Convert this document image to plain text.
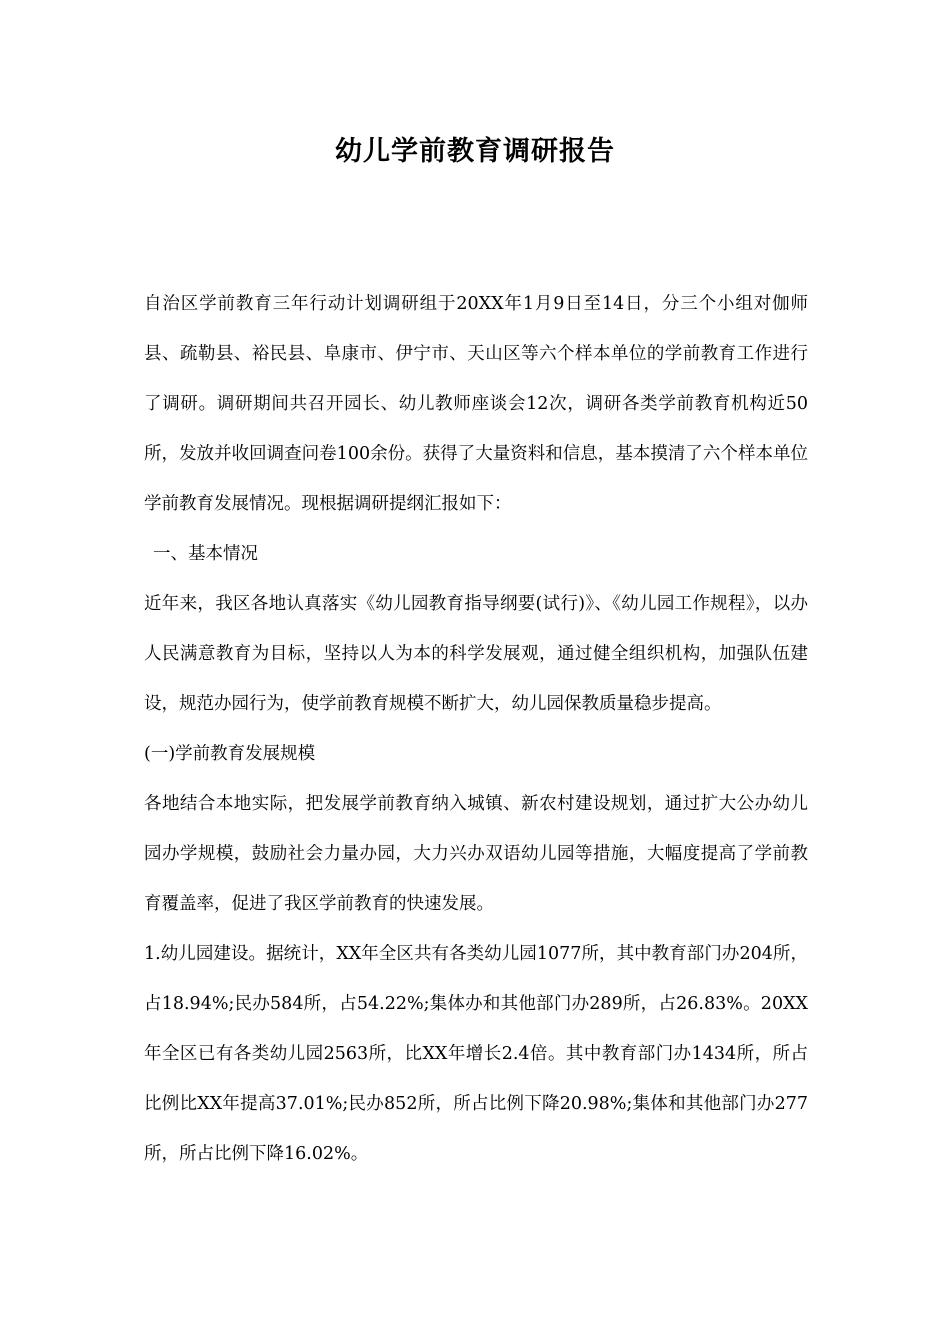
幼儿学前教育调研报告

自治区学前教育三年行动计划调研组于20XX年1月9日至14日，分三个小组对伽师县、疏勒县、裕民县、阜康市、伊宁市、天山区等六个样本单位的学前教育工作进行了调研。调研期间共召开园长、幼儿教师座谈会12次，调研各类学前教育机构近50所，发放并收回调查问卷100余份。获得了大量资料和信息，基本摸清了六个样本单位学前教育发展情况。现根据调研提纲汇报如下：

一、基本情况

近年来，我区各地认真落实《幼儿园教育指导纲要(试行)》、《幼儿园工作规程》，以办人民满意教育为目标，坚持以人为本的科学发展观，通过健全组织机构，加强队伍建设，规范办园行为，使学前教育规模不断扩大，幼儿园保教质量稳步提高。

(一)学前教育发展规模

各地结合本地实际，把发展学前教育纳入城镇、新农村建设规划，通过扩大公办幼儿园办学规模，鼓励社会力量办园，大力兴办双语幼儿园等措施，大幅度提高了学前教育覆盖率，促进了我区学前教育的快速发展。

1.幼儿园建设。据统计，XX年全区共有各类幼儿园1077所，其中教育部门办204所，占18.94%;民办584所，占54.22%;集体办和其他部门办289所，占26.83%。20XX年全区已有各类幼儿园2563所，比XX年增长2.4倍。其中教育部门办1434所，所占比例比XX年提高37.01%;民办852所，所占比例下降20.98%;集体和其他部门办277所，所占比例下降16.02%。
